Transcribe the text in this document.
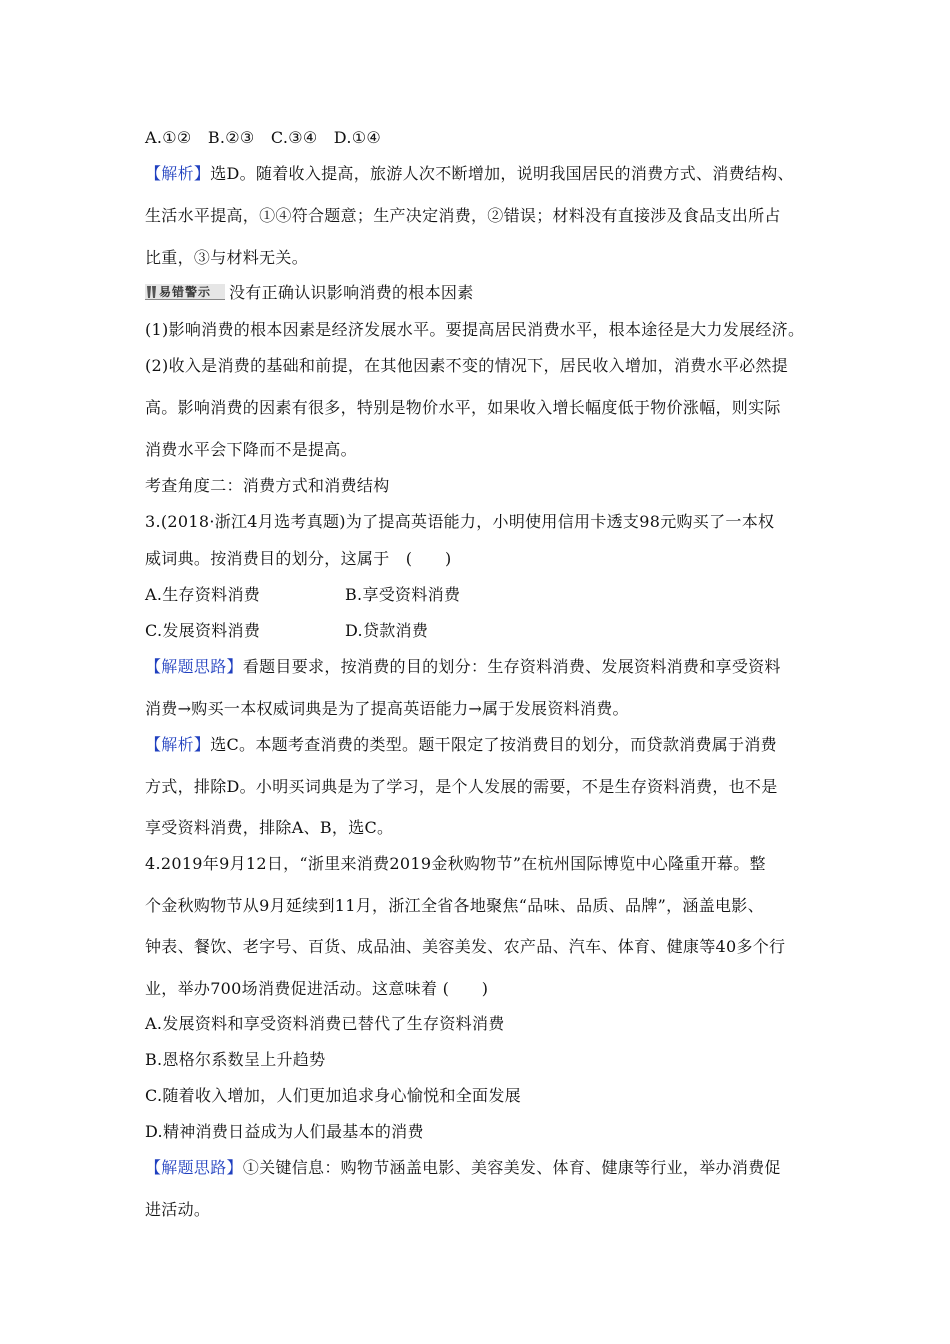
A.①②　B.②③　C.③④　D.①④
【解析】选D。随着收入提高，旅游人次不断增加，说明我国居民的消费方式、消费结构、
生活水平提高，①④符合题意；生产决定消费，②错误；材料没有直接涉及食品支出所占
比重，③与材料无关。
易错警示 没有正确认识影响消费的根本因素
(1)影响消费的根本因素是经济发展水平。要提高居民消费水平，根本途径是大力发展经济。
(2)收入是消费的基础和前提，在其他因素不变的情况下，居民收入增加，消费水平必然提
高。影响消费的因素有很多，特别是物价水平，如果收入增长幅度低于物价涨幅，则实际
消费水平会下降而不是提高。
考查角度二：消费方式和消费结构
3.(2018·浙江4月选考真题)为了提高英语能力，小明使用信用卡透支98元购买了一本权
威词典。按消费目的划分，这属于　(　　)
A.生存资料消费	B.享受资料消费
C.发展资料消费	D.贷款消费
【解题思路】看题目要求，按消费的目的划分：生存资料消费、发展资料消费和享受资料
消费→购买一本权威词典是为了提高英语能力→属于发展资料消费。
【解析】选C。本题考查消费的类型。题干限定了按消费目的划分，而贷款消费属于消费
方式，排除D。小明买词典是为了学习，是个人发展的需要，不是生存资料消费，也不是
享受资料消费，排除A、B，选C。
4.2019年9月12日，“浙里来消费2019金秋购物节”在杭州国际博览中心隆重开幕。整
个金秋购物节从9月延续到11月，浙江全省各地聚焦“品味、品质、品牌”，涵盖电影、
钟表、餐饮、老字号、百货、成品油、美容美发、农产品、汽车、体育、健康等40多个行
业，举办700场消费促进活动。这意味着 (　　)
A.发展资料和享受资料消费已替代了生存资料消费
B.恩格尔系数呈上升趋势
C.随着收入增加，人们更加追求身心愉悦和全面发展
D.精神消费日益成为人们最基本的消费
【解题思路】①关键信息：购物节涵盖电影、美容美发、体育、健康等行业，举办消费促
进活动。
